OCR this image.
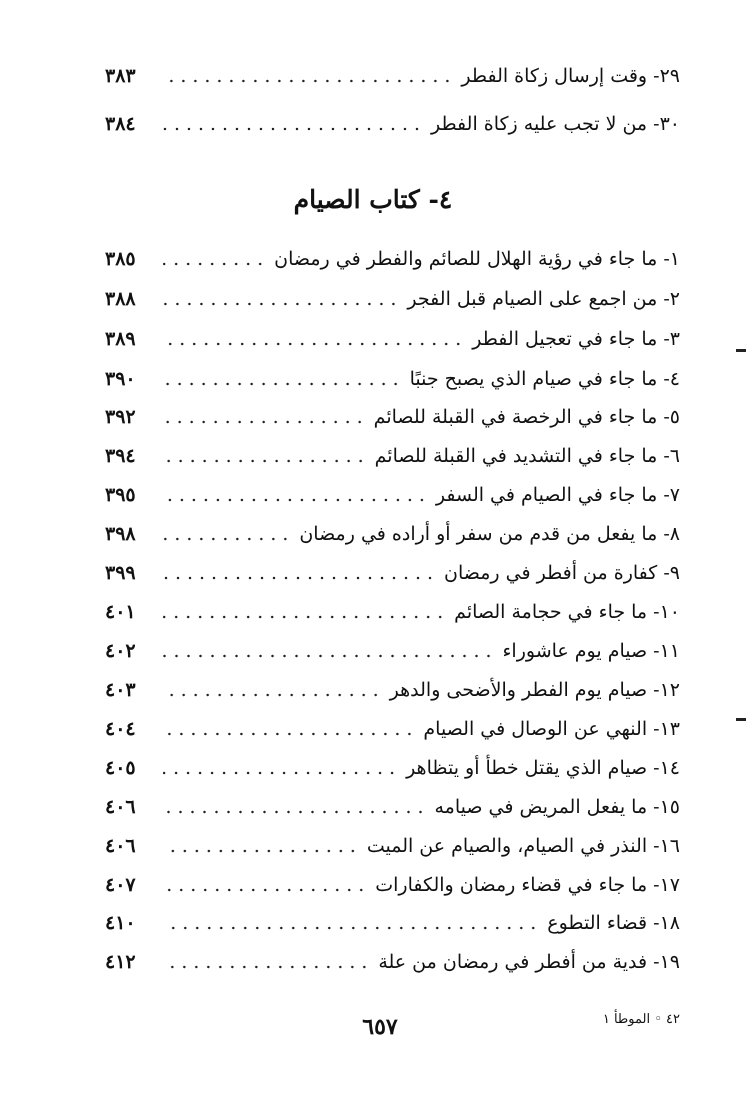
٢٩- وقت إرسال زكاة الفطر
٣٨٣
٣٠- من لا تجب عليه زكاة الفطر
٣٨٤
٤- كتاب الصيام
١- ما جاء في رؤية الهلال للصائم والفطر في رمضان
٣٨٥
٢- من اجمع على الصيام قبل الفجر
٣٨٨
٣- ما جاء في تعجيل الفطر
٣٨٩
٤- ما جاء في صيام الذي يصبح جنبًا
٣٩٠
٥- ما جاء في الرخصة في القبلة للصائم
٣٩٢
٦- ما جاء في التشديد في القبلة للصائم
٣٩٤
٧- ما جاء في الصيام في السفر
٣٩٥
٨- ما يفعل من قدم من سفر أو أراده في رمضان
٣٩٨
٩- كفارة من أفطر في رمضان
٣٩٩
١٠- ما جاء في حجامة الصائم
٤٠١
١١- صيام يوم عاشوراء
٤٠٢
١٢- صيام يوم الفطر والأضحى والدهر
٤٠٣
١٣- النهي عن الوصال في الصيام
٤٠٤
١٤- صيام الذي يقتل خطأ أو يتظاهر
٤٠٥
١٥- ما يفعل المريض في صيامه
٤٠٦
١٦- النذر في الصيام، والصيام عن الميت
٤٠٦
١٧- ما جاء في قضاء رمضان والكفارات
٤٠٧
١٨- قضاء التطوع
٤١٠
١٩- فدية من أفطر في رمضان من علة
٤١٢
٤٢ ◦ الموطأ ١
٦٥٧
